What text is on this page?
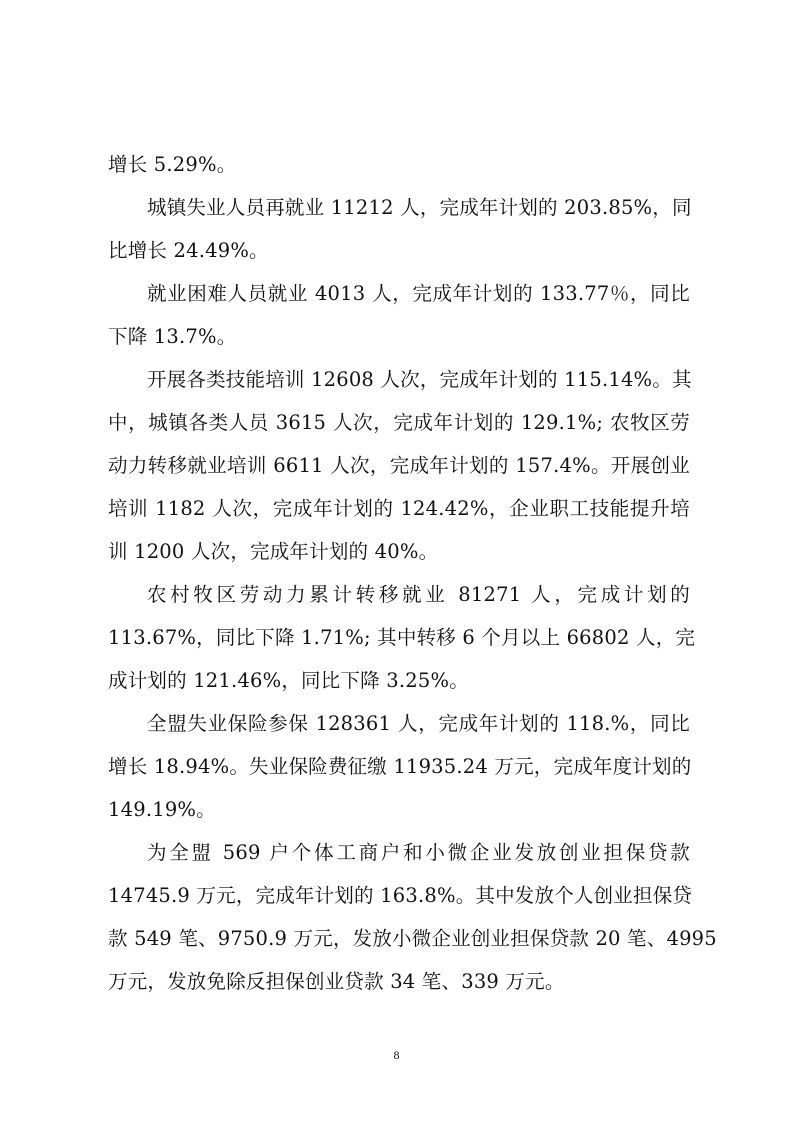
增长 5.29%。
城镇失业人员再就业 11212 人，完成年计划的 203.85%，同
比增长 24.49%。
就业困难人员就业 4013 人，完成年计划的 133.77％，同比
下降 13.7%。
开展各类技能培训 12608 人次，完成年计划的 115.14%。其
中，城镇各类人员 3615 人次，完成年计划的 129.1%; 农牧区劳
动力转移就业培训 6611 人次，完成年计划的 157.4%。开展创业
培训 1182 人次，完成年计划的 124.42%，企业职工技能提升培
训 1200 人次，完成年计划的 40%。
农村牧区劳动力累计转移就业 81271 人，完成计划的
113.67%，同比下降 1.71%; 其中转移 6 个月以上 66802 人，完
成计划的 121.46%，同比下降 3.25%。
全盟失业保险参保 128361 人，完成年计划的 118.%，同比
增长 18.94%。失业保险费征缴 11935.24 万元，完成年度计划的
149.19%。
为全盟 569 户个体工商户和小微企业发放创业担保贷款
14745.9 万元，完成年计划的 163.8%。其中发放个人创业担保贷
款 549 笔、9750.9 万元，发放小微企业创业担保贷款 20 笔、4995
万元，发放免除反担保创业贷款 34 笔、339 万元。
8
